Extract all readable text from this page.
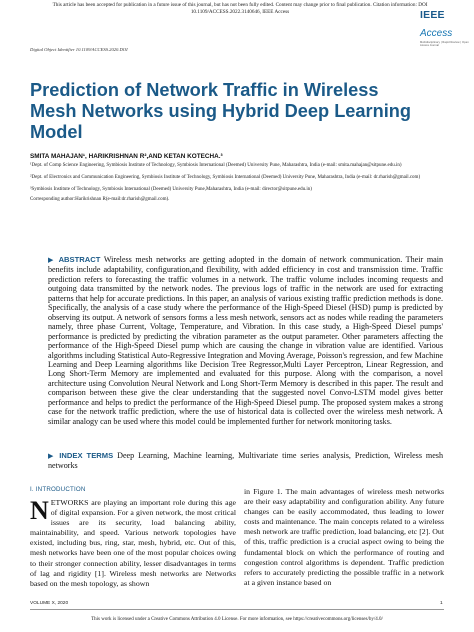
This article has been accepted for publication in a future issue of this journal, but has not been fully edited. Content may change prior to final publication. Citation information: DOI
10.1109/ACCESS.2022.3140646, IEEE Access	IEEE Access
Multidisciplinary | Rapid Review | Open Access Journal
Digital Object Identifier 10.1109/ACCESS.2020.DOI
Prediction of Network Traffic in Wireless Mesh Networks using Hybrid Deep Learning Model
SMITA MAHAJAN¹, HARIKRISHNAN R²,AND KETAN KOTECHA.³
¹Dept. of Comp Science Engineering, Symbiosis Institute of Technology, Symbiosis International (Deemed) University Pune, Maharashtra, India (e-mail: smita.mahajan@sitpune.edu.in)
²Dept. of Electronics and Communication Engineering, Symbiosis Institute of Technology, Symbiosis International (Deemed) University Pune, Maharashtra, India (e-mail: dr.rharish@gmail.com)
³Symbiosis Institute of Technology, Symbiosis International (Deemed) University Pune,Maharashtra, India (e-mail: director@sitpune.edu.in)
Corresponding author:Harikrishnan R(e-mail:dr.rharish@gmail.com).
▶ ABSTRACT Wireless mesh networks are getting adopted in the domain of network communication. Their main benefits include adaptability, configuration,and flexibility, with added efficiency in cost and transmission time. Traffic prediction refers to forecasting the traffic volumes in a network. The traffic volume includes incoming requests and outgoing data transmitted by the network nodes. The previous logs of traffic in the network are used for extracting patterns that help for accurate predictions. In this paper, an analysis of various existing traffic prediction methods is done. Specifically, the analysis of a case study where the performance of the High-Speed Diesel (HSD) pump is predicted by observing its output. A network of sensors forms a less mesh network, sensors act as nodes while reading the parameters namely, three phase Current, Voltage, Temperature, and Vibration. In this case study, a High-Speed Diesel pumps' performance is predicted by predicting the vibration parameter as the output parameter. Other parameters affecting the performance of the High-Speed Diesel pump which are causing the change in vibration value are identified. Various algorithms including Statistical Auto-Regressive Integration and Moving Average, Poisson's regression, and few Machine Learning and Deep Learning algorithms like Decision Tree Regressor,Multi Layer Perceptron, Linear Regression, and Long Short-Term Memory are implemented and evaluated for this purpose. Along with the comparison, a novel architecture using Convolution Neural Network and Long Short-Term Memory is described in this paper. The result and comparison between these give the clear understanding that the suggested novel Convo-LSTM model gives better performance and helps to predict the performance of the High-Speed Diesel pump. The proposed system makes a strong case for the network traffic prediction, where the use of historical data is collected over the wireless mesh network. A similar analogy can be used where this model could be implemented further for network monitoring tasks.
▶ INDEX TERMS Deep Learning, Machine learning, Multivariate time series analysis, Prediction, Wireless mesh networks
I. INTRODUCTION
NETWORKS are playing an important role during this age of digital expansion. For a given network, the most critical issues are its security, load balancing ability, maintainability, and speed. Various network topologies have existed, including bus, ring, star, mesh, hybrid, etc. Out of this, mesh networks have been one of the most popular choices owing to their stronger connection ability, lesser disadvantages in terms of lag and rigidity [1]. Wireless mesh networks are Networks based on the mesh topology, as shown
in Figure 1. The main advantages of wireless mesh networks are their easy adaptability and configuration ability. Any future changes can be easily accommodated, thus leading to lower costs and maintenance. The main concepts related to a wireless mesh network are traffic prediction, load balancing, etc [2]. Out of this, traffic prediction is a crucial aspect owing to being the fundamental block on which the performance of routing and congestion control algorithms is dependent. Traffic prediction refers to accurately predicting the possible traffic in a network at a given instance based on
VOLUME X, 2020	1
This work is licensed under a Creative Commons Attribution 4.0 License. For more information, see https://creativecommons.org/licenses/by/4.0/
